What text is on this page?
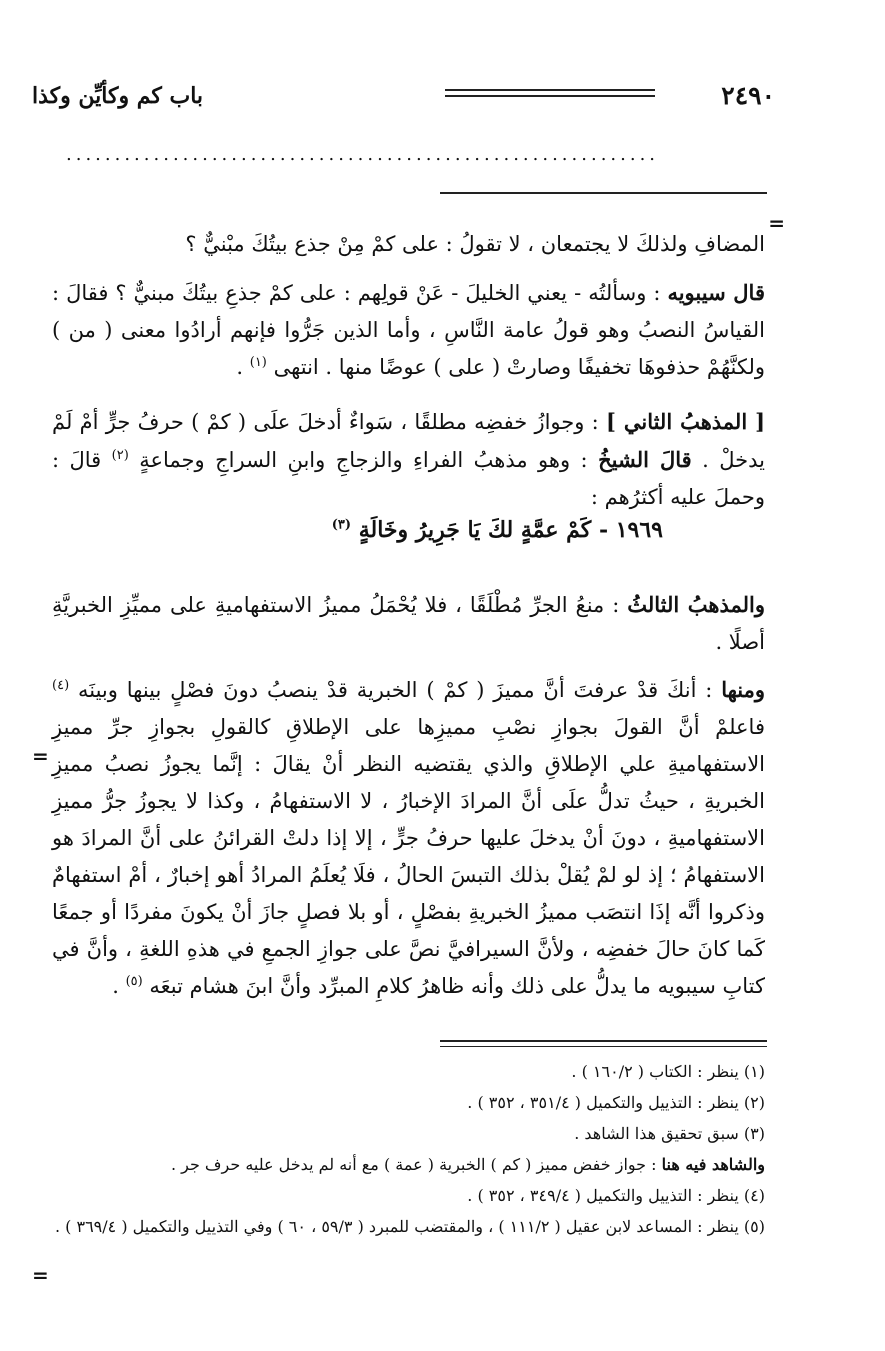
٢٤٩٠
باب كم وكأيِّن وكذا
.............................................................
=

المضافِ ولذلكَ لا يجتمعان ، لا تقولُ : على كمْ مِنْ جذع بيتُكَ مبْنيٌّ ؟

قال سيبويه : وسألتُه - يعني الخليلَ - عَنْ قولِهم : على كمْ جذعِ بيتُكَ مبنيٌّ ؟ فقالَ : القياسُ النصبُ وهو قولُ عامة النَّاسِ ، وأما الذين جَرُّوا فإنهم أرادُوا معنى ( من ) ولكنَّهُمْ حذفوهَا تخفيفًا وصارتْ ( على ) عوضًا منها . انتهى $^{(١)}$ .

[ المذهبُ الثاني ] : وجوازُ خفضِه مطلقًا ، سَواءٌ أدخلَ علَى ( كمْ ) حرفُ جرٍّ أمْ لَمْ يدخلْ . قالَ الشيخُ : وهو مذهبُ الفراءِ والزجاجِ وابنِ السراجِ وجماعةٍ $^{(٢)}$ قالَ : وحملَ عليه أكثرُهم :

١٩٦٩ - كَمْ عمَّةٍ لكَ يَا جَرِيرُ وخَالَةٍ $^{(٣)}$

والمذهبُ الثالثُ : منعُ الجرِّ مُطْلَقًا ، فلا يُحْمَلُ مميزُ الاستفهاميةِ على مميِّزِ الخبريَّةِ أصلًا .

ومنها : أنكَ قدْ عرفتَ أنَّ مميزَ ( كمْ ) الخبرية قدْ ينصبُ دونَ فصْلٍ بينها وبينَه $^{(٤)}$ فاعلمْ أنَّ القولَ بجوازِ نصْبِ مميزِها على الإطلاقِ كالقولِ بجوازِ جرِّ مميزِ الاستفهاميةِ علي الإطلاقِ والذي يقتضيه النظر أنْ يقالَ : إنَّما يجوزُ نصبُ مميزِ الخبريةِ ، حيثُ تدلُّ علَى أنَّ المرادَ الإخبارُ ، لا الاستفهامُ ، وكذا لا يجوزُ جرُّ مميزِ الاستفهاميةِ ، دونَ أنْ يدخلَ عليها حرفُ جرٍّ ، إلا إذا دلتْ القرائنُ على أنَّ المرادَ هو الاستفهامُ ؛ إذ لو لمْ يُقلْ بذلك التبسَ الحالُ ، فلَا يُعلَمُ المرادُ أهو إخبارٌ ، أمْ استفهامٌ وذكروا أنَّه إذَا انتصَب مميزُ الخبريةِ بفصْلٍ ، أو بلا فصلٍ جازَ أنْ يكونَ مفردًا أو جمعًا كَما كانَ حالَ خفضِه ، ولأنَّ السيرافيَّ نصَّ على جوازِ الجمعِ في هذهِ اللغةِ ، وأنَّ في كتابِ سيبويه ما يدلُّ على ذلك وأنه ظاهرُ كلامِ المبرِّد وأنَّ ابنَ هشام تبعَه $^{(٥)}$ .

=
(١) ينظر : الكتاب ( ١٦٠/٢ ) .
(٢) ينظر : التذييل والتكميل ( ٣٥١/٤ ، ٣٥٢ ) .
(٣) سبق تحقيق هذا الشاهد .
والشاهد فيه هنا : جواز خفض مميز ( كم ) الخبرية ( عمة ) مع أنه لم يدخل عليه حرف جر .
(٤) ينظر : التذييل والتكميل ( ٣٤٩/٤ ، ٣٥٢ ) .
(٥) ينظر : المساعد لابن عقيل ( ١١١/٢ ) ، والمقتضب للمبرد ( ٥٩/٣ ، ٦٠ ) وفي التذييل والتكميل ( ٣٦٩/٤ ) .
=
